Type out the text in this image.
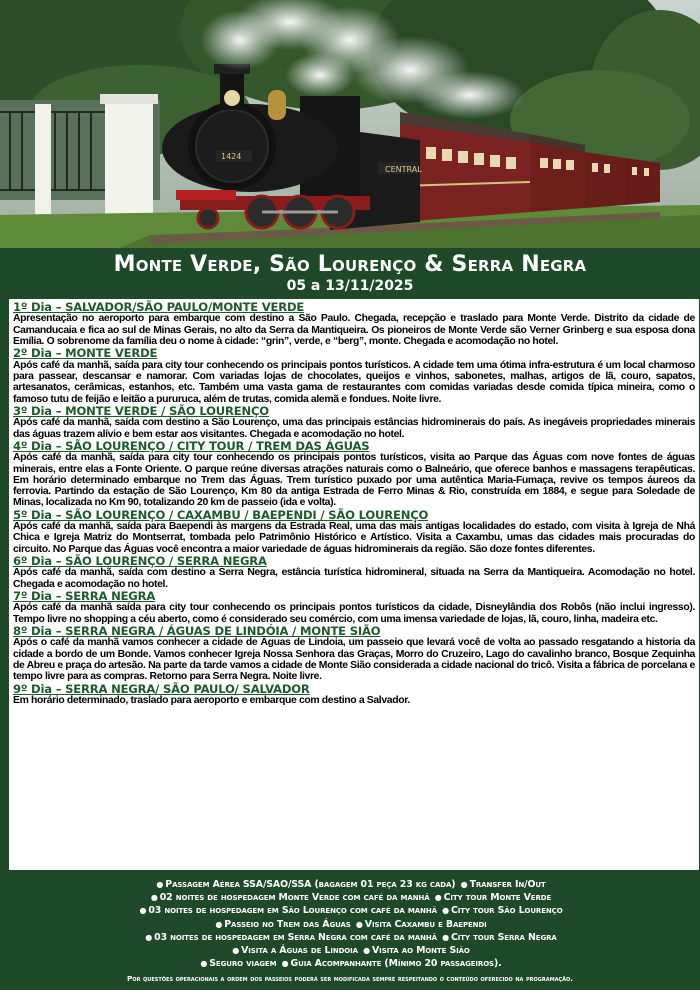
CENTRAL
1424
Monte Verde, São Lourenço & Serra Negra

05 a 13/11/2025

1º Dia – SALVADOR/SÃO PAULO/MONTE VERDE

Apresentação no aeroporto para embarque com destino a São Paulo. Chegada, recepção e traslado para Monte Verde. Distrito da cidade de Camanducaia e fica ao sul de Minas Gerais, no alto da Serra da Mantiqueira. Os pioneiros de Monte Verde são Verner Grinberg e sua esposa dona Emília. O sobrenome da família deu o nome à cidade: “grin”, verde, e “berg”, monte. Chegada e acomodação no hotel.

2º Dia – MONTE VERDE

Após café da manhã, saída para city tour conhecendo os principais pontos turísticos. A cidade tem uma ótima infra-estrutura é um local charmoso para passear, descansar e namorar. Com variadas lojas de chocolates, queijos e vinhos, sabonetes, malhas, artigos de lã, couro, sapatos, artesanatos, cerâmicas, estanhos, etc. Também uma vasta gama de restaurantes com comidas variadas desde comida típica mineira, como o famoso tutu de feijão e leitão a pururuca, além de trutas, comida alemã e fondues. Noite livre.

3º Dia – MONTE VERDE / SÃO LOURENÇO

Após café da manhã, saída com destino a São Lourenço, uma das principais estâncias hidrominerais do país. As inegáveis propriedades minerais das águas trazem alívio e bem estar aos visitantes. Chegada e acomodação no hotel.

4º Dia – SÃO LOURENÇO / CITY TOUR / TREM DAS ÁGUAS

Após café da manhã, saída para city tour conhecendo os principais pontos turísticos, visita ao Parque das Águas com nove fontes de águas minerais, entre elas a Fonte Oriente. O parque reúne diversas atrações naturais como o Balneário, que oferece banhos e massagens terapêuticas. Em horário determinado embarque no Trem das Águas. Trem turístico puxado por uma autêntica Maria-Fumaça, revive os tempos áureos da ferrovia. Partindo da estação de São Lourenço, Km 80 da antiga Estrada de Ferro Minas & Rio, construída em 1884, e segue para Soledade de Minas, localizada no Km 90, totalizando 20 km de passeio (ida e volta).

5º Dia – SÃO LOURENÇO / CAXAMBU / BAEPENDI / SÃO LOURENÇO

Após café da manhã, saída para Baependi às margens da Estrada Real, uma das mais antigas localidades do estado, com visita à Igreja de Nhá Chica e Igreja Matriz do Montserrat, tombada pelo Patrimônio Histórico e Artístico. Visita a Caxambu, umas das cidades mais procuradas do circuito. No Parque das Águas você encontra a maior variedade de águas hidrominerais da região. São doze fontes diferentes.

6º Dia – SÃO LOURENÇO / SERRA NEGRA

Após café da manhã, saída com destino a Serra Negra, estância turística hidromineral, situada na Serra da Mantiqueira. Acomodação no hotel. Chegada e acomodação no hotel.

7º Dia – SERRA NEGRA

Após café da manhã saída para city tour conhecendo os principais pontos turísticos da cidade, Disneylândia dos Robôs (não inclui ingresso). Tempo livre no shopping a céu aberto, como é considerado seu comércio, com uma imensa variedade de lojas, lã, couro, linha, madeira etc.

8º Dia – SERRA NEGRA / ÁGUAS DE LINDÓIA / MONTE SIÃO

Após o café da manhã vamos conhecer a cidade de Águas de Lindoia, um passeio que levará você de volta ao passado resgatando a historia da cidade a bordo de um Bonde. Vamos conhecer Igreja Nossa Senhora das Graças, Morro do Cruzeiro, Lago do cavalinho branco, Bosque Zequinha de Abreu e praça do artesão. Na parte da tarde vamos a cidade de Monte Sião considerada a cidade nacional do tricô. Visita a fábrica de porcelana e tempo livre para as compras. Retorno para Serra Negra. Noite livre.

9º Dia – SERRA NEGRA/ SÃO PAULO/ SALVADOR

Em horário determinado, traslado para aeroporto e embarque com destino a Salvador.

● Passagem Aérea SSA/SAO/SSA (bagagem 01 peça 23 kg cada) ● Transfer In/Out

● 02 noites de hospedagem Monte Verde com café da manhã ● City tour Monte Verde

● 03 noites de hospedagem em São Lourenço com café da manhã ● City tour São Lourenço

● Passeio no Trem das Águas ● Visita Caxambu e Baependi

● 03 noites de hospedagem em Serra Negra com café da manhã ● City tour Serra Negra

● Visita a Águas de Lindoia ● Visita ao Monte Sião

● Seguro viagem ● Guia Acompanhante (Mínimo 20 passageiros).

Por questões operacionais a ordem dos passeios poderá ser modificada sempre respeitando o conteúdo oferecido na programação.
